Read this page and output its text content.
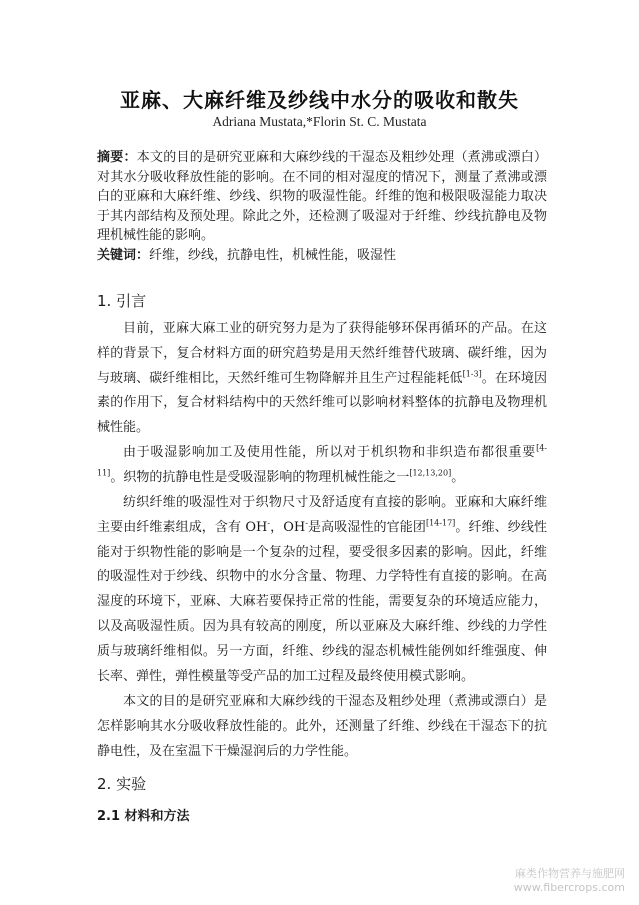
亚麻、大麻纤维及纱线中水分的吸收和散失
Adriana Mustata,*Florin St. C. Mustata
摘要：本文的目的是研究亚麻和大麻纱线的干湿态及粗纱处理（煮沸或漂白）对其水分吸收释放性能的影响。在不同的相对湿度的情况下，测量了煮沸或漂白的亚麻和大麻纤维、纱线、织物的吸湿性能。纤维的饱和极限吸湿能力取决于其内部结构及预处理。除此之外，还检测了吸湿对于纤维、纱线抗静电及物理机械性能的影响。
关键词：纤维，纱线，抗静电性，机械性能，吸湿性
1. 引言

目前，亚麻大麻工业的研究努力是为了获得能够环保再循环的产品。在这样的背景下，复合材料方面的研究趋势是用天然纤维替代玻璃、碳纤维，因为与玻璃、碳纤维相比，天然纤维可生物降解并且生产过程能耗低[1-3]。在环境因素的作用下，复合材料结构中的天然纤维可以影响材料整体的抗静电及物理机械性能。

由于吸湿影响加工及使用性能，所以对于机织物和非织造布都很重要[4-11]。织物的抗静电性是受吸湿影响的物理机械性能之一[12,13,20]。

纺织纤维的吸湿性对于织物尺寸及舒适度有直接的影响。亚麻和大麻纤维主要由纤维素组成，含有 OH-，OH-是高吸湿性的官能团[14-17]。纤维、纱线性能对于织物性能的影响是一个复杂的过程，要受很多因素的影响。因此，纤维的吸湿性对于纱线、织物中的水分含量、物理、力学特性有直接的影响。在高湿度的环境下，亚麻、大麻若要保持正常的性能，需要复杂的环境适应能力，以及高吸湿性质。因为具有较高的刚度，所以亚麻及大麻纤维、纱线的力学性质与玻璃纤维相似。另一方面，纤维、纱线的湿态机械性能例如纤维强度、伸长率、弹性，弹性模量等受产品的加工过程及最终使用模式影响。

本文的目的是研究亚麻和大麻纱线的干湿态及粗纱处理（煮沸或漂白）是怎样影响其水分吸收释放性能的。此外，还测量了纤维、纱线在干湿态下的抗静电性，及在室温下干燥湿润后的力学性能。

2. 实验
2.1 材料和方法
麻类作物营养与施肥网
www.fibercrops.com
